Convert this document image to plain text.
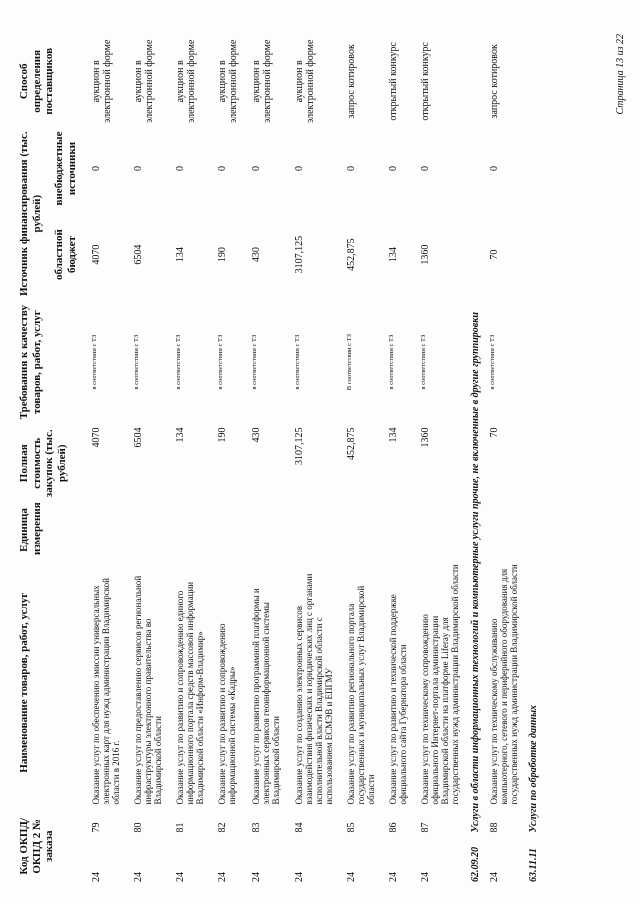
Код ОКПД/ ОКПД 2 № заказа		Наименование товаров, работ, услуг	Единица измерения	Полная стоимость закупок (тыс. рублей)	Требования к качеству товаров, работ, услуг	Источник финансирования (тыс. рублей)		Способ определения поставщиков
						областной бюджет	внебюджетные источники	
24	79	Оказание услуг по обеспечению эмиссии универсальных электронных карт для нужд администрации Владимирской области в 2016 г.		4070	в соответствии с ТЗ	4070	0	аукцион в электронной форме
24	80	Оказание услуг по предоставлению сервисов региональной инфраструктуры электронного правительства во Владимирской области		6504	в соответствии с ТЗ	6504	0	аукцион в электронной форме
24	81	Оказание услуг по развитию и сопровождению единого информационного портала средств массовой информации Владимирской области «Информ-Владимир»		134	в соответствии с ТЗ	134	0	аукцион в электронной форме
24	82	Оказание услуг по развитию и сопровождению информационной системы «Кадры»		190	в соответствии с ТЗ	190	0	аукцион в электронной форме
24	83	Оказание услуг по развитию программной платформы и электронных сервисов геоинформационной системы Владимирской области		430	в соответствии с ТЗ	430	0	аукцион в электронной форме
24	84	Оказание услуг по созданию электронных сервисов взаимодействия физических и юридических лиц с органами исполнительной власти Владимирской области с использованием ЕСМЭВ и ЕПГМУ		3107,125	в соответствии с ТЗ	3107,125	0	аукцион в электронной форме
24	85	Оказание услуг по развитию регионального портала государственных и муниципальных услуг Владимирской области		452,875	В соответствии с ТЗ	452,875	0	запрос котировок
24	86	Оказание услуг по развитию и технической поддержке официального сайта Губернатора области		134	в соответствии с ТЗ	134	0	открытый конкурс
24	87	Оказание услуг по техническому сопровождению официального Интернет-портала администрации Владимирской области на платформе Liferay для государственных нужд администрации Владимирской области		1360	в соответствии с ТЗ	1360	0	открытый конкурс
62.09.20	Услуги в области информационных технологий и компьютерные услуги прочие, не включенные в другие группировки							
24	88	Оказание услуг по техническому обслуживанию компьютерного, сетевого и периферийного оборудования для государственных нужд администрации Владимирской области		70	в соответствии с ТЗ	70	0	запрос котировок
63.11.11	Услуги по обработке данных							
Страница 13 из 22
